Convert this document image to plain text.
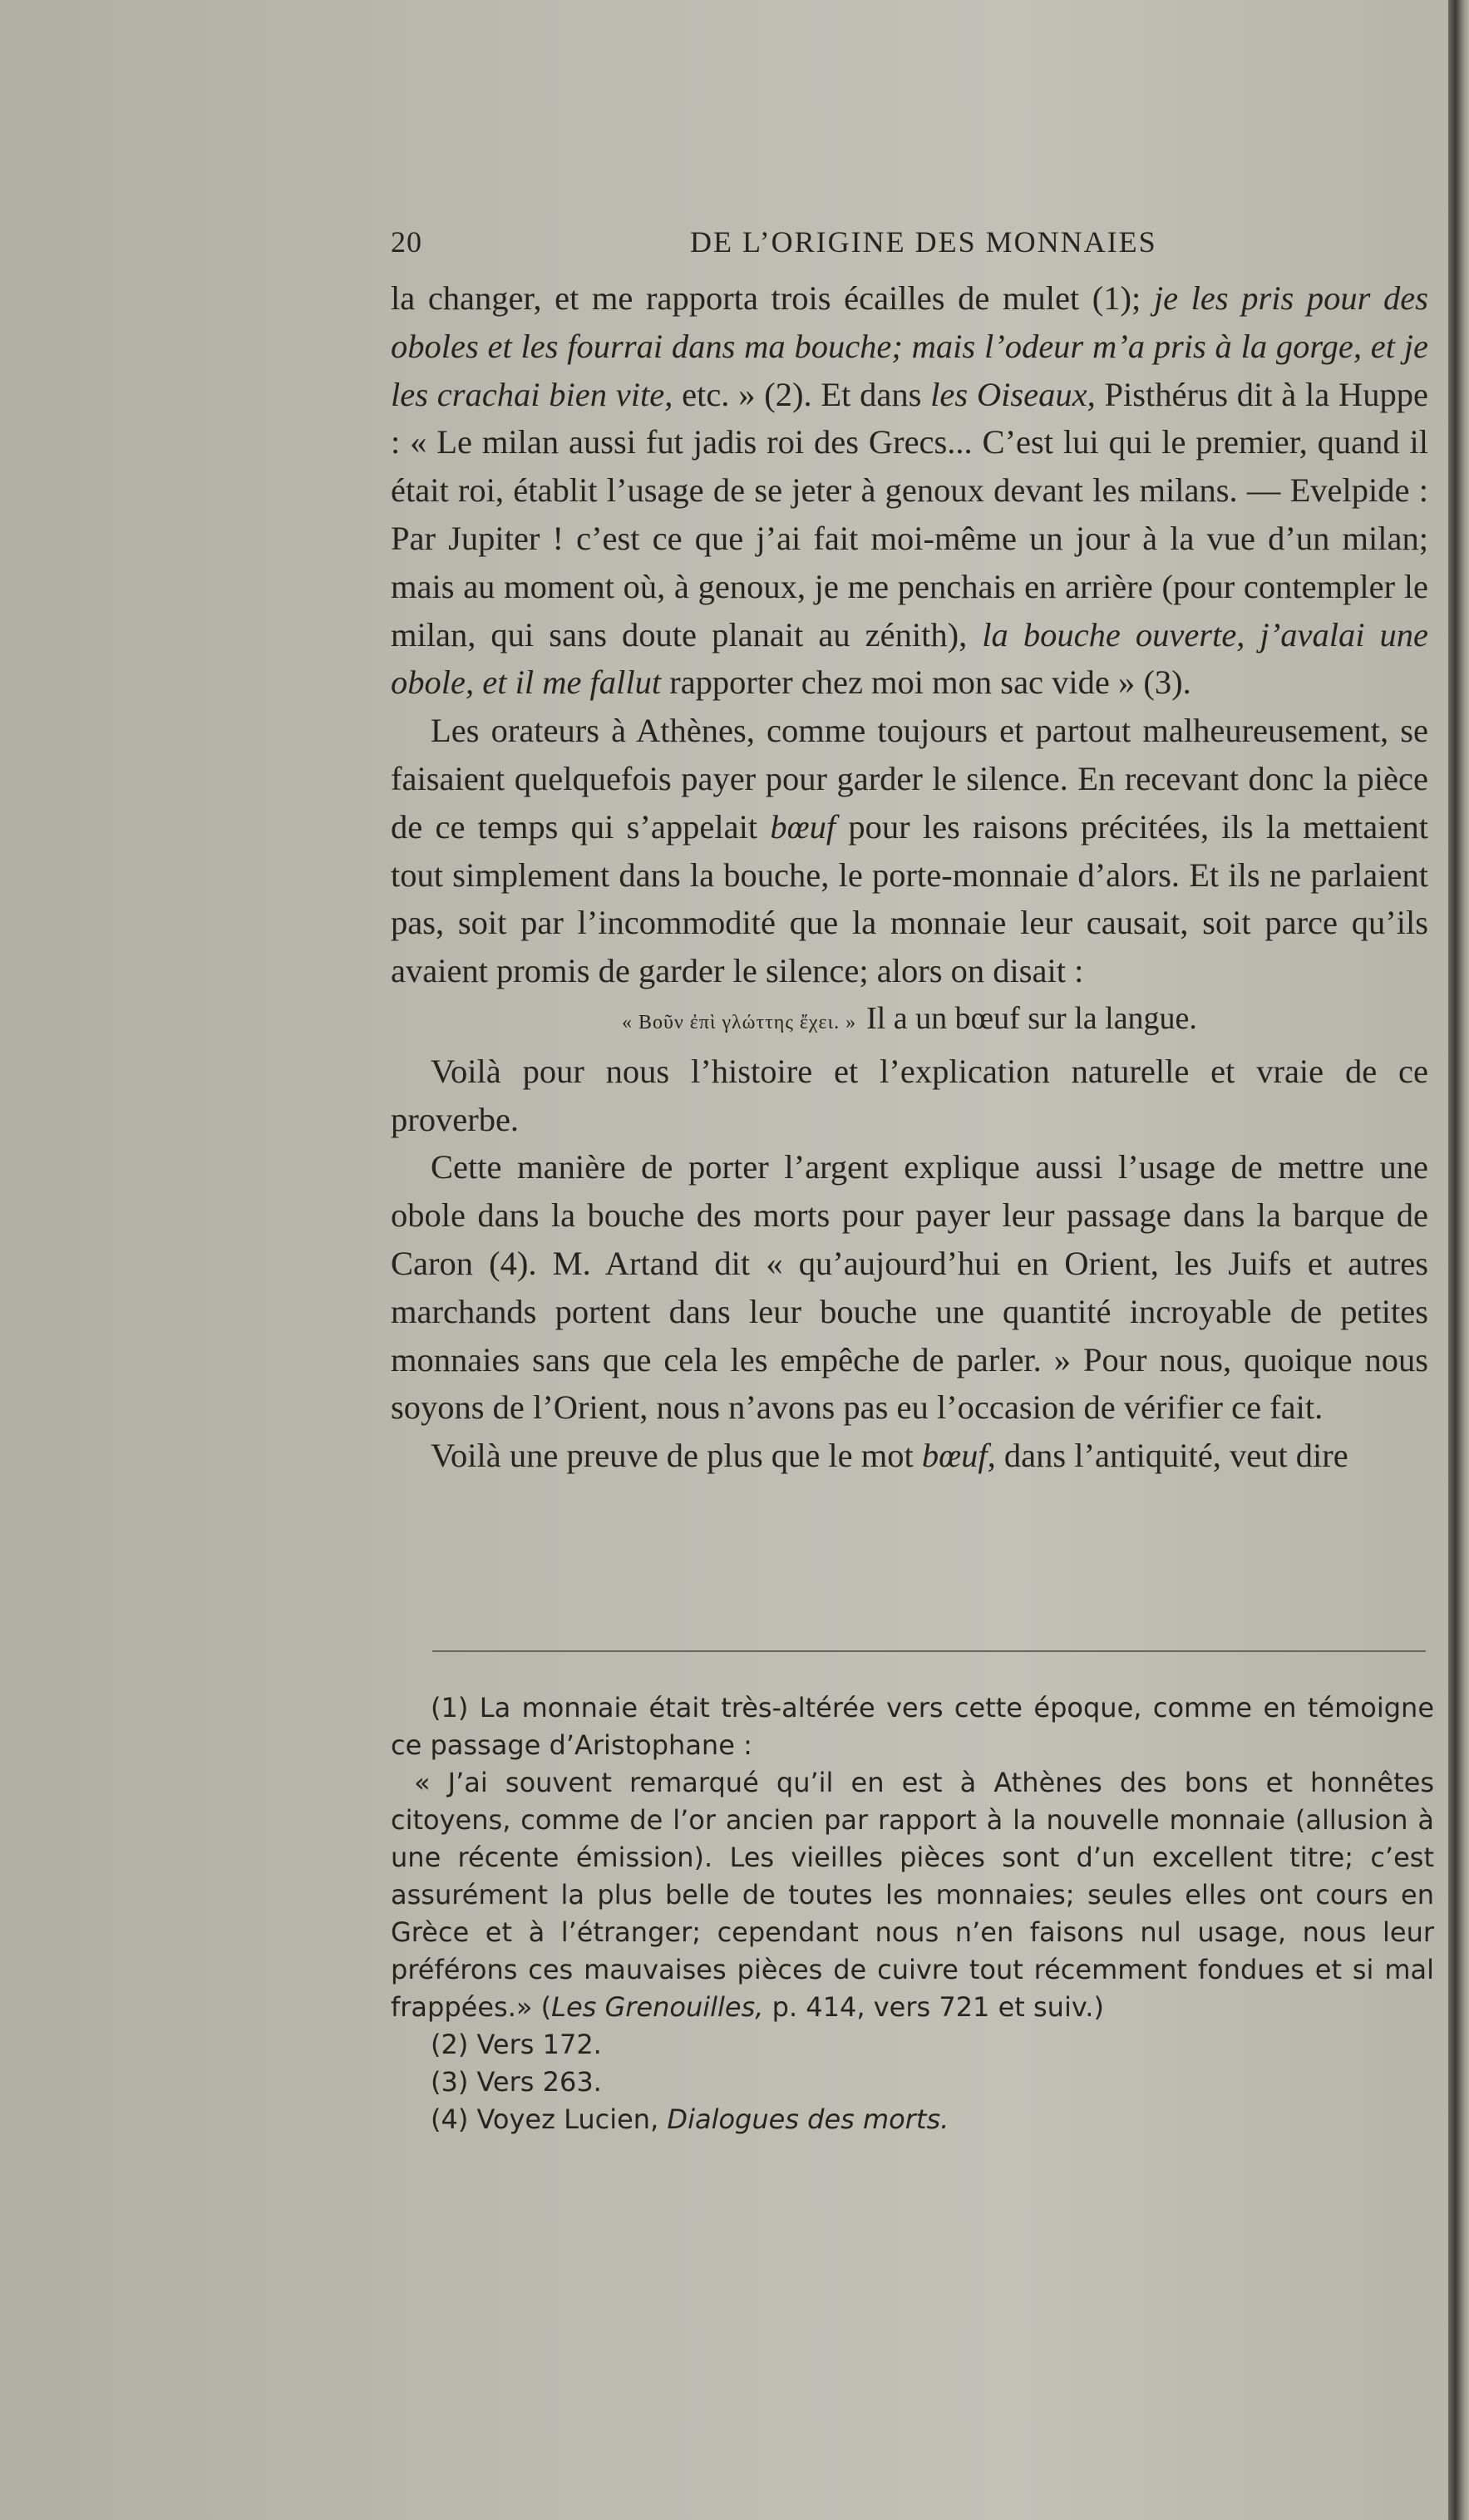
20	DE L’ORIGINE DES MONNAIES

la changer, et me rapporta trois écailles de mulet (1); je les pris pour des oboles et les fourrai dans ma bouche; mais l’odeur m’a pris à la gorge, et je les crachai bien vite, etc. » (2). Et dans les Oiseaux, Pisthérus dit à la Huppe : « Le milan aussi fut jadis roi des Grecs... C’est lui qui le premier, quand il était roi, établit l’usage de se jeter à genoux devant les milans. — Evelpide : Par Jupiter ! c’est ce que j’ai fait moi-même un jour à la vue d’un milan; mais au moment où, à genoux, je me penchais en arrière (pour contempler le milan, qui sans doute planait au zénith), la bouche ouverte, j’avalai une obole, et il me fallut rapporter chez moi mon sac vide » (3).

Les orateurs à Athènes, comme toujours et partout malheureusement, se faisaient quelquefois payer pour garder le silence. En recevant donc la pièce de ce temps qui s’appelait bœuf pour les raisons précitées, ils la mettaient tout simplement dans la bouche, le porte-monnaie d’alors. Et ils ne parlaient pas, soit par l’incommodité que la monnaie leur causait, soit parce qu’ils avaient promis de garder le silence; alors on disait :

« Βοῦν ἐπὶ γλώττης ἔχει. » Il a un bœuf sur la langue.

Voilà pour nous l’histoire et l’explication naturelle et vraie de ce proverbe.

Cette manière de porter l’argent explique aussi l’usage de mettre une obole dans la bouche des morts pour payer leur passage dans la barque de Caron (4). M. Artand dit « qu’aujourd’hui en Orient, les Juifs et autres marchands portent dans leur bouche une quantité incroyable de petites monnaies sans que cela les empêche de parler. » Pour nous, quoique nous soyons de l’Orient, nous n’avons pas eu l’occasion de vérifier ce fait.

Voilà une preuve de plus que le mot bœuf, dans l’antiquité, veut dire

(1) La monnaie était très-altérée vers cette époque, comme en témoigne ce passage d’Aristophane :

« J’ai souvent remarqué qu’il en est à Athènes des bons et honnêtes citoyens, comme de l’or ancien par rapport à la nouvelle monnaie (allusion à une récente émission). Les vieilles pièces sont d’un excellent titre; c’est assurément la plus belle de toutes les monnaies; seules elles ont cours en Grèce et à l’étranger; cependant nous n’en faisons nul usage, nous leur préférons ces mauvaises pièces de cuivre tout récemment fondues et si mal frappées.» (Les Grenouilles, p. 414, vers 721 et suiv.)

(2) Vers 172.

(3) Vers 263.

(4) Voyez Lucien, Dialogues des morts.
